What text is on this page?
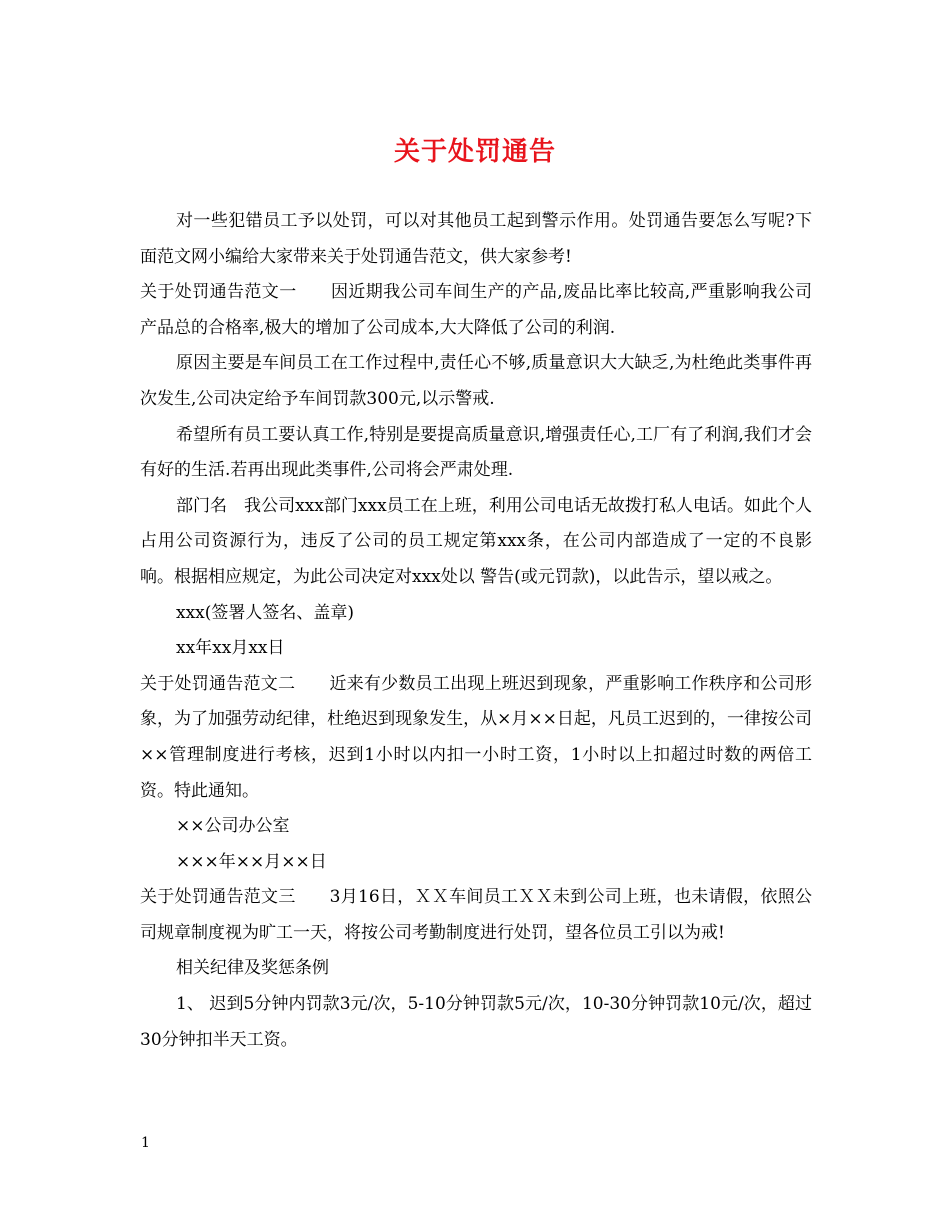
关于处罚通告

对一些犯错员工予以处罚，可以对其他员工起到警示作用。处罚通告要怎么写呢?下面范文网小编给大家带来关于处罚通告范文，供大家参考!

关于处罚通告范文一 因近期我公司车间生产的产品,废品比率比较高,严重影响我公司产品总的合格率,极大的增加了公司成本,大大降低了公司的利润.

原因主要是车间员工在工作过程中,责任心不够,质量意识大大缺乏,为杜绝此类事件再次发生,公司决定给予车间罚款300元,以示警戒.

希望所有员工要认真工作,特别是要提高质量意识,增强责任心,工厂有了利润,我们才会有好的生活.若再出现此类事件,公司将会严肃处理.

部门名　我公司xxx部门xxx员工在上班，利用公司电话无故拨打私人电话。如此个人占用公司资源行为，违反了公司的员工规定第xxx条，在公司内部造成了一定的不良影响。根据相应规定，为此公司决定对xxx处以 警告(或元罚款)，以此告示，望以戒之。

xxx(签署人签名、盖章)

xx年xx月xx日

关于处罚通告范文二 近来有少数员工出现上班迟到现象，严重影响工作秩序和公司形象，为了加强劳动纪律，杜绝迟到现象发生，从×月××日起，凡员工迟到的，一律按公司××管理制度进行考核，迟到1小时以内扣一小时工资，1小时以上扣超过时数的两倍工资。特此通知。

××公司办公室

×××年××月××日

关于处罚通告范文三 3月16日，ＸＸ车间员工ＸＸ未到公司上班，也未请假，依照公司规章制度视为旷工一天，将按公司考勤制度进行处罚，望各位员工引以为戒!

相关纪律及奖惩条例

1、 迟到5分钟内罚款3元/次，5-10分钟罚款5元/次，10-30分钟罚款10元/次，超过30分钟扣半天工资。

1
